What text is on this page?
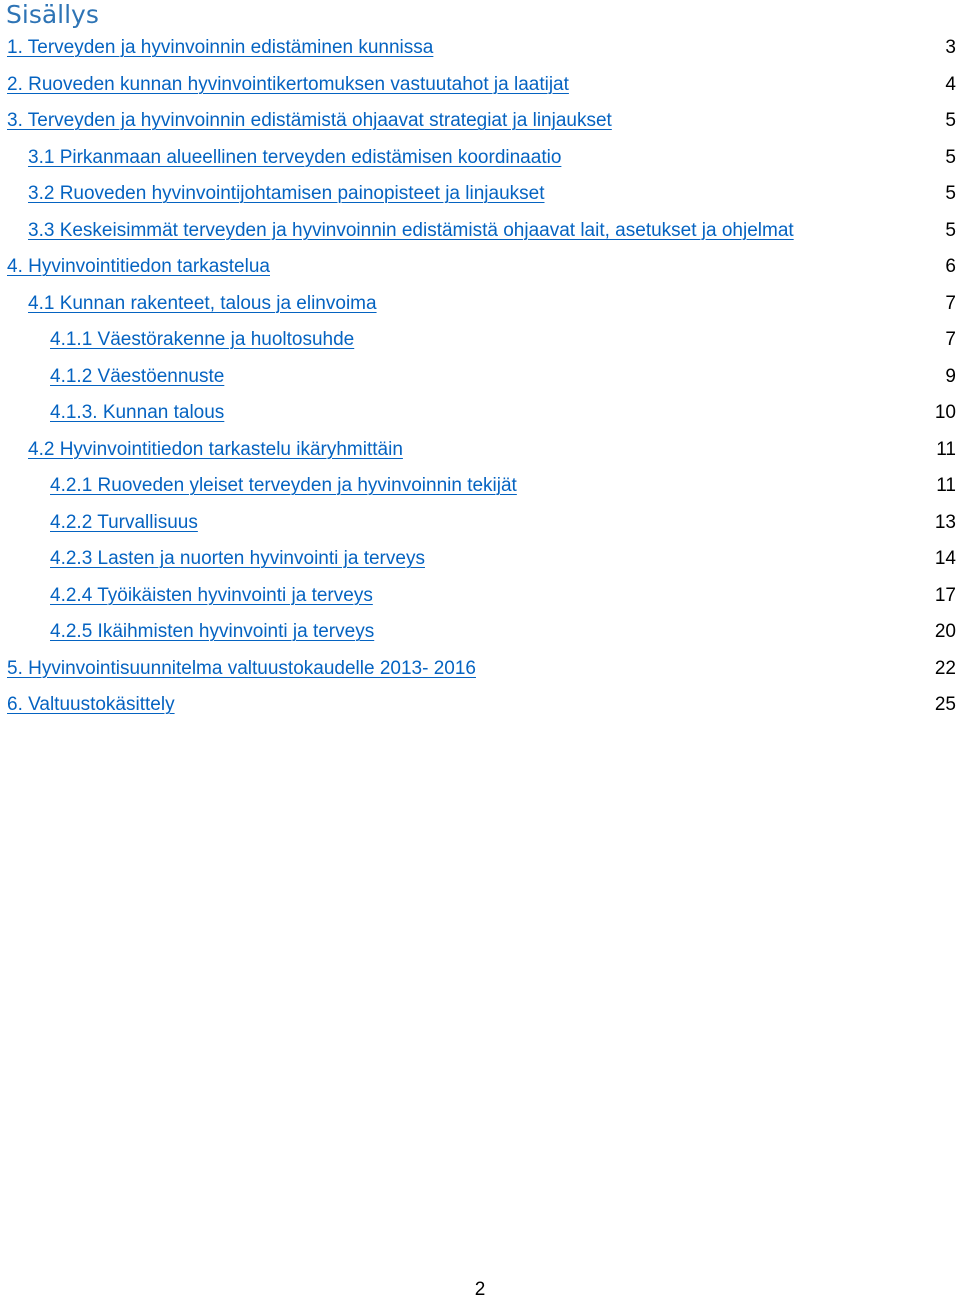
Sisällys
1. Terveyden ja hyvinvoinnin edistäminen kunnissa	3
2. Ruoveden kunnan hyvinvointikertomuksen vastuutahot ja laatijat	4
3. Terveyden ja hyvinvoinnin edistämistä ohjaavat strategiat ja linjaukset	5
3.1 Pirkanmaan alueellinen terveyden edistämisen koordinaatio	5
3.2 Ruoveden hyvinvointijohtamisen painopisteet ja linjaukset	5
3.3 Keskeisimmät terveyden ja hyvinvoinnin edistämistä ohjaavat lait, asetukset ja ohjelmat	5
4. Hyvinvointitiedon tarkastelua	6
4.1 Kunnan rakenteet, talous ja elinvoima	7
4.1.1 Väestörakenne ja huoltosuhde	7
4.1.2 Väestöennuste	9
4.1.3. Kunnan talous	10
4.2 Hyvinvointitiedon tarkastelu ikäryhmittäin	11
4.2.1 Ruoveden yleiset terveyden ja hyvinvoinnin tekijät	11
4.2.2 Turvallisuus	13
4.2.3 Lasten ja nuorten hyvinvointi ja terveys	14
4.2.4 Työikäisten hyvinvointi ja terveys	17
4.2.5 Ikäihmisten hyvinvointi ja terveys	20
5. Hyvinvointisuunnitelma valtuustokaudelle 2013- 2016	22
6. Valtuustokäsittely	25
2
